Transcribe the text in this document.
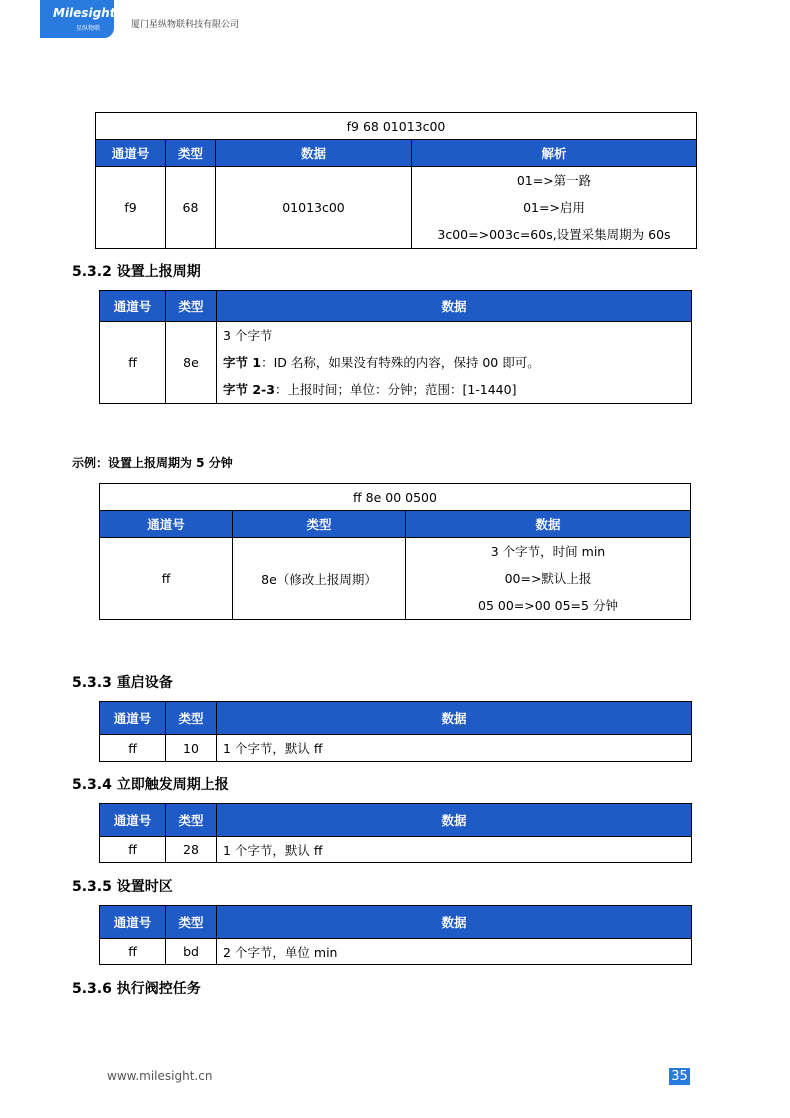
Milesight
星纵物联	厦门星纵物联科技有限公司
f9 68 01013c00			
通道号	类型	数据	解析
f9	68	01013c00	01=>第一路
01=>启用
3c00=>003c=60s,设置采集周期为 60s
5.3.2 设置上报周期
通道号	类型	数据
ff	8e	3 个字节
字节 1：ID 名称，如果没有特殊的内容，保持 00 即可。
字节 2-3：上报时间；单位：分钟；范围：[1-1440]
示例：设置上报周期为 5 分钟
ff 8e 00 0500		
通道号	类型	数据
ff	8e（修改上报周期）	3 个字节，时间 min
00=>默认上报
05 00=>00 05=5 分钟
5.3.3 重启设备
通道号	类型	数据
ff	10	1 个字节，默认 ff
5.3.4 立即触发周期上报
通道号	类型	数据
ff	28	1 个字节，默认 ff
5.3.5 设置时区
通道号	类型	数据
ff	bd	2 个字节，单位 min
5.3.6 执行阀控任务
www.milesight.cn	35
